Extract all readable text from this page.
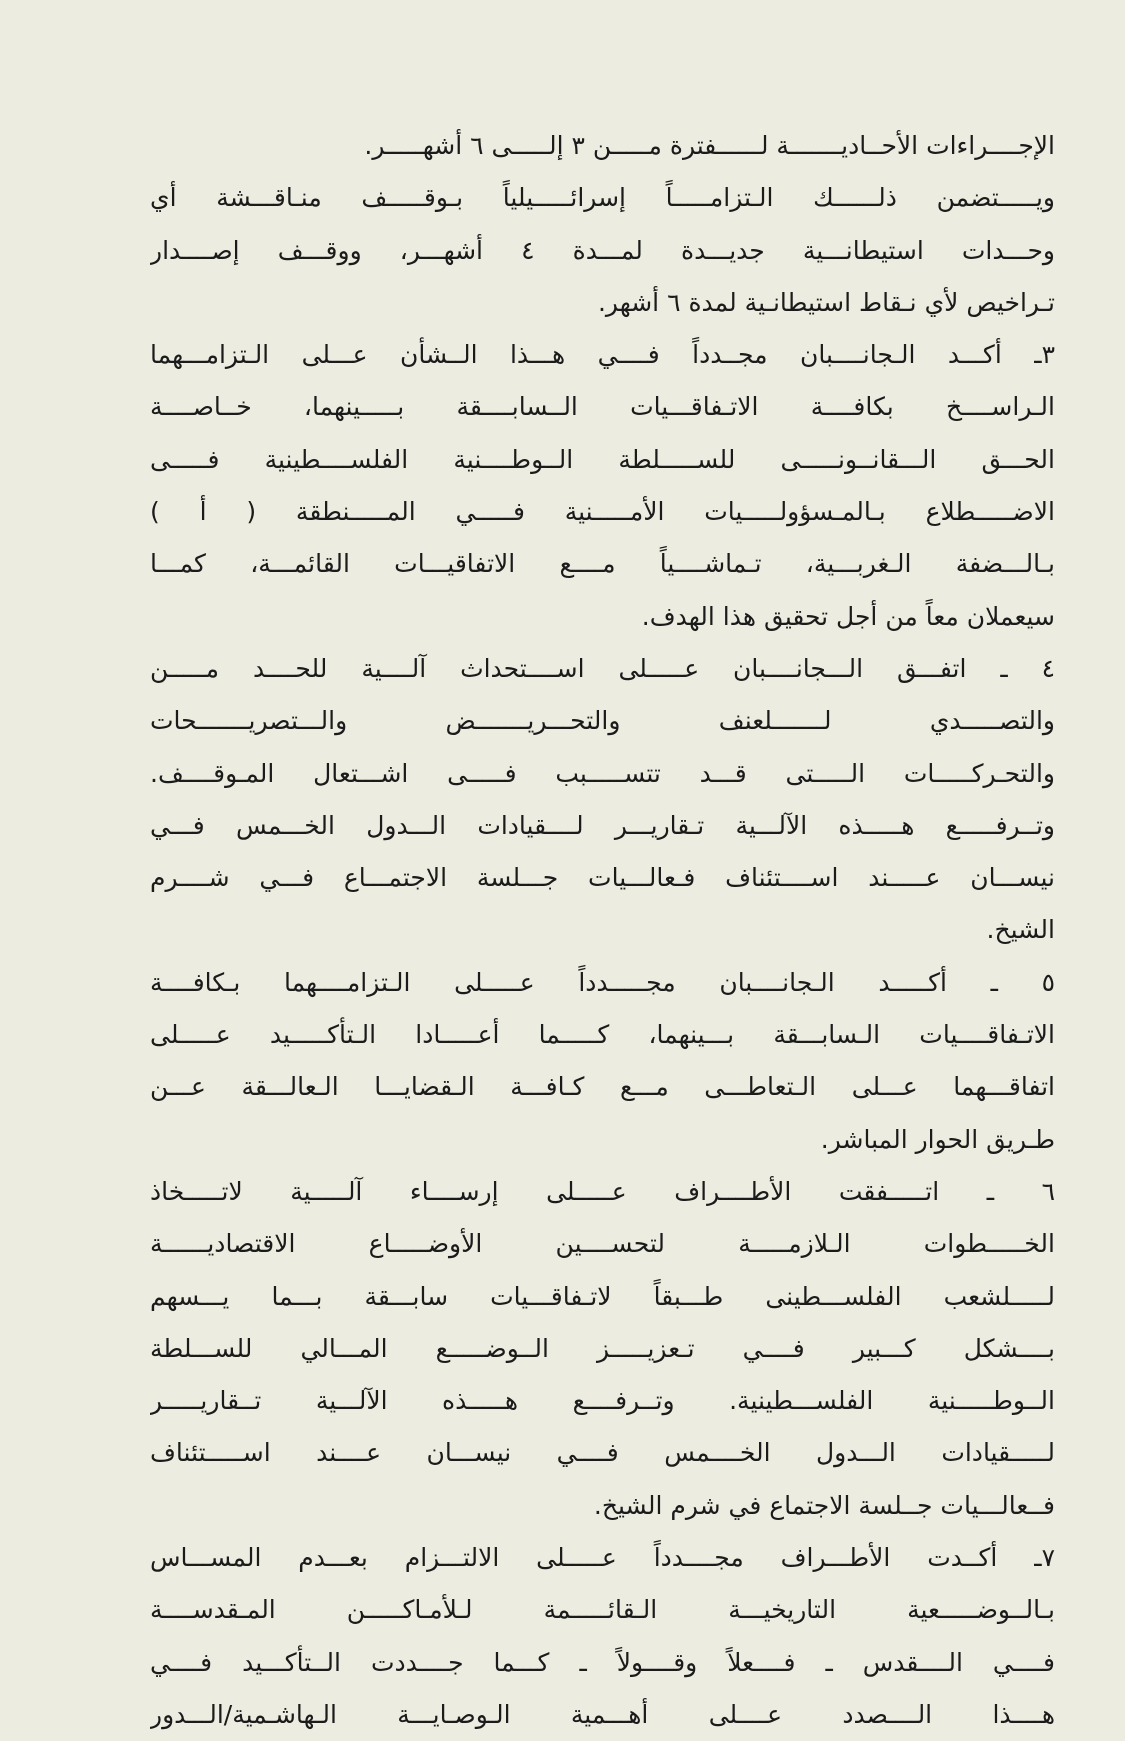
الإجــــراءات الأحــاديـــــــة لــــــفترة مـــــن ٣ إلـــــى ٦ أشهـــــر.
ويـــــتضمن ذلــــــك الـتزامـــــاً إسرائـــــيلياً بـوقـــــف منـاقـــشة أي
وحـــدات استيطانـــية جديـــدة لمـــدة ٤ أشهـــر، ووقـــف إصــــدار
تـراخيص لأي نـقاط استيطانـية لمدة ٦ أشهر.
٣ـ أكـــد الـجانــــبان مجــدداً فــــي هـــذا الــشأن عـــلى الـتزامـــهما
الـراســــخ بكافــــة الاتـفاقـــيات الــسابــــقة بـــــينهما، خــاصــــة
الحـــق الـــقانــونـــــى للســـــلطة الــوطــــنية الفلســــطينية فـــــى
الاضـــــطلاع بـالمـسؤولـــــيات الأمـــــنية فـــــي المـــــنطقة ( أ )
بـالـــضفة الـغربـــية، تـماشــــياً مــــع الاتفاقيـــات القائمـــة، كمـــا
سيعملان معاً من أجل تحقيق هذا الهدف.
٤ ـ اتفـــق الـــجانــــبان عـــــلى اســــتحداث آلــــية للحــــد مـــــن
والتصـــــدي لـــــــلعنف والتحـــريـــــــض والـــتصريـــــــحات
والتحـركـــــات الـــــتى قـــد تتســـــبب فـــــى اشـــتعال المـوقــــف.
وتــرفـــــع هـــــذه الآلـــية تـقاريـــر لــــقيادات الـــدول الخـــمس فـــي
نيســـان عـــــند اســــتئناف فـعالـــيات جـــلسة الاجتمـــاع فـــي شــــرم
الشيخ.
٥ ـ أكـــــد الـجانــــبان مجـــــدداً عـــــلى الـتزامــــهما بـكافــــة
الاتـفاقــــيات الـسابـــقة بـــينهما، كـــــما أعـــــادا الـتأكـــــيد عـــــلى
اتفاقـــهما عـــلى الـتعاطـــى مـــع كـافـــة الـقضايـــا الـعالـــقة عـــن
طـريق الحوار المباشر.
٦ ـ اتـــــفقت الأطــــراف عـــــلى إرســــاء آلـــــية لاتـــــخاذ
الخـــــطوات الـلازمـــــة لتحســــين الأوضـــــاع الاقتصاديــــــة
لـــــلشعب الفلســـطينى طـــبقاً لاتـفاقـــيات سابـــقة بـــما يـــسهم
بــــشكل كـــبير فــــي تـعزيـــــز الــوضـــــع المـــالي للســـلطة
الــوطـــــنية الفلســـطينية. وتــرفــــع هـــــذه الآلـــية تــقاريـــــر
لـــــقيادات الـــدول الخــــمس فــــي نيســـان عــــند اســـــتئناف
فــعالـــيات جــلسة الاجتماع في شرم الشيخ.
٧ـ أكــدت الأطـــراف مجــــدداً عـــــلى الالتـــزام بعـــدم المســـاس
بـالــوضـــــعية التاريخيـــة الـقائـــــمة لـلأمـاكـــــن المـقدســــة
فــــي الــــقدس ـ فــــعلاً وقــــولاً ـ كـــما جــــددت الــتأكـــيد فــــي
هــــذا الــــصدد عــــلى أهـــمية الـوصـايـــة الـهاشـمية/الـــدور
